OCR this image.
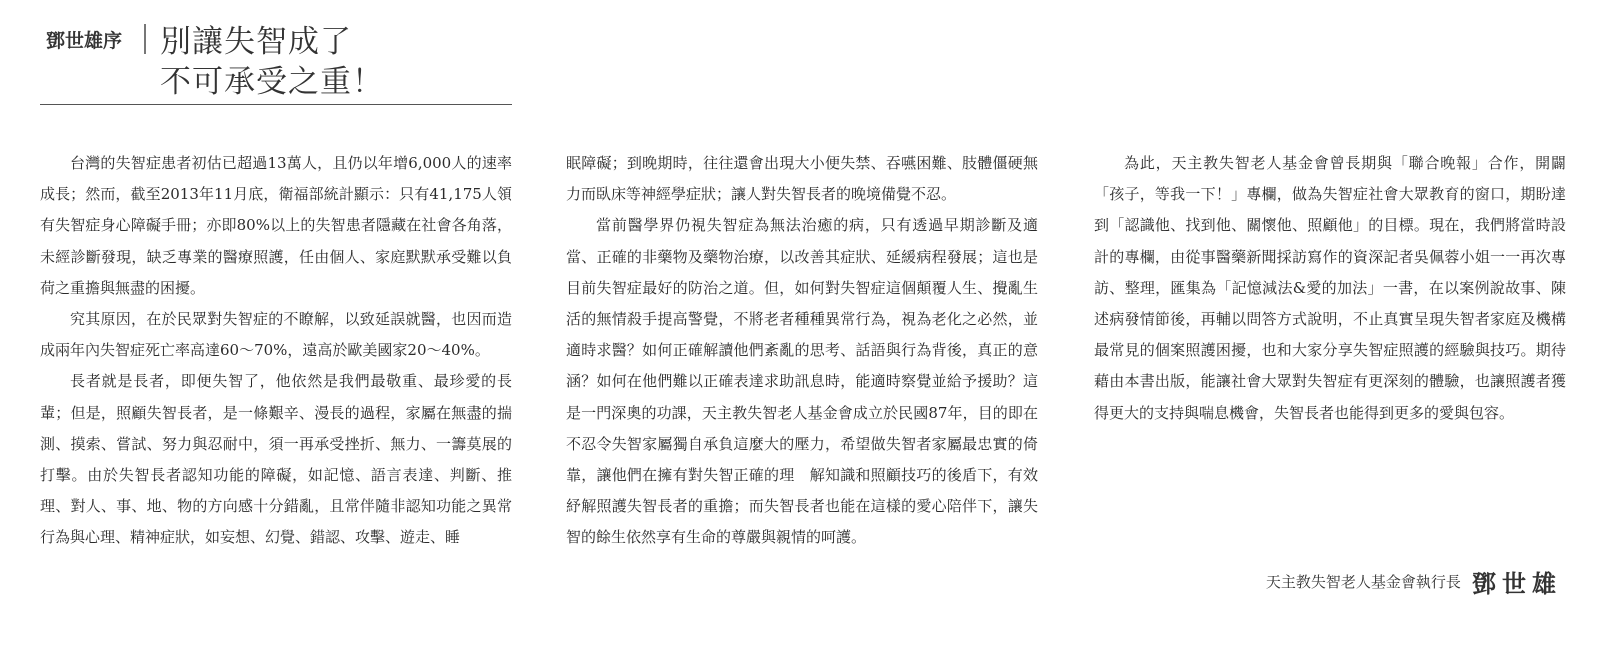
鄧世雄序	別讓失智成了
不可承受之重！

台灣的失智症患者初估已超過13萬人，且仍以年增6,000人的速率成長；然而，截至2013年11月底，衛福部統計顯示：只有41,175人領有失智症身心障礙手冊；亦即80%以上的失智患者隱藏在社會各角落，未經診斷發現，缺乏專業的醫療照護，任由個人、家庭默默承受難以負荷之重擔與無盡的困擾。

究其原因，在於民眾對失智症的不瞭解，以致延誤就醫，也因而造成兩年內失智症死亡率高達60～70%，遠高於歐美國家20～40%。

長者就是長者，即便失智了，他依然是我們最敬重、最珍愛的長輩；但是，照顧失智長者，是一條艱辛、漫長的過程，家屬在無盡的揣測、摸索、嘗試、努力與忍耐中，須一再承受挫折、無力、一籌莫展的打擊。由於失智長者認知功能的障礙，如記憶、語言表達、判斷、推理、對人、事、地、物的方向感十分錯亂，且常伴隨非認知功能之異常行為與心理、精神症狀，如妄想、幻覺、錯認、攻擊、遊走、睡

眠障礙；到晚期時，往往還會出現大小便失禁、吞嚥困難、肢體僵硬無力而臥床等神經學症狀；讓人對失智長者的晚境備覺不忍。

當前醫學界仍視失智症為無法治癒的病，只有透過早期診斷及適當、正確的非藥物及藥物治療，以改善其症狀、延緩病程發展；這也是目前失智症最好的防治之道。但，如何對失智症這個顛覆人生、攪亂生活的無情殺手提高警覺，不將老者種種異常行為，視為老化之必然，並適時求醫？如何正確解讀他們紊亂的思考、話語與行為背後，真正的意涵？如何在他們難以正確表達求助訊息時，能適時察覺並給予援助？這是一門深奧的功課，天主教失智老人基金會成立於民國87年，目的即在不忍令失智家屬獨自承負這麼大的壓力，希望做失智者家屬最忠實的倚靠，讓他們在擁有對失智正確的理　解知識和照顧技巧的後盾下，有效紓解照護失智長者的重擔；而失智長者也能在這樣的愛心陪伴下，讓失智的餘生依然享有生命的尊嚴與親情的呵護。

為此，天主教失智老人基金會曾長期與「聯合晚報」合作，開闢「孩子，等我一下！」專欄，做為失智症社會大眾教育的窗口，期盼達到「認識他、找到他、關懷他、照顧他」的目標。現在，我們將當時設計的專欄，由從事醫藥新聞採訪寫作的資深記者吳佩蓉小姐一一再次專訪、整理，匯集為「記憶減法&愛的加法」一書，在以案例說故事、陳述病發情節後，再輔以問答方式說明，不止真實呈現失智者家庭及機構最常見的個案照護困擾，也和大家分享失智症照護的經驗與技巧。期待藉由本書出版，能讓社會大眾對失智症有更深刻的體驗，也讓照護者獲得更大的支持與喘息機會，失智長者也能得到更多的愛與包容。

天主教失智老人基金會執行長 鄧世雄
